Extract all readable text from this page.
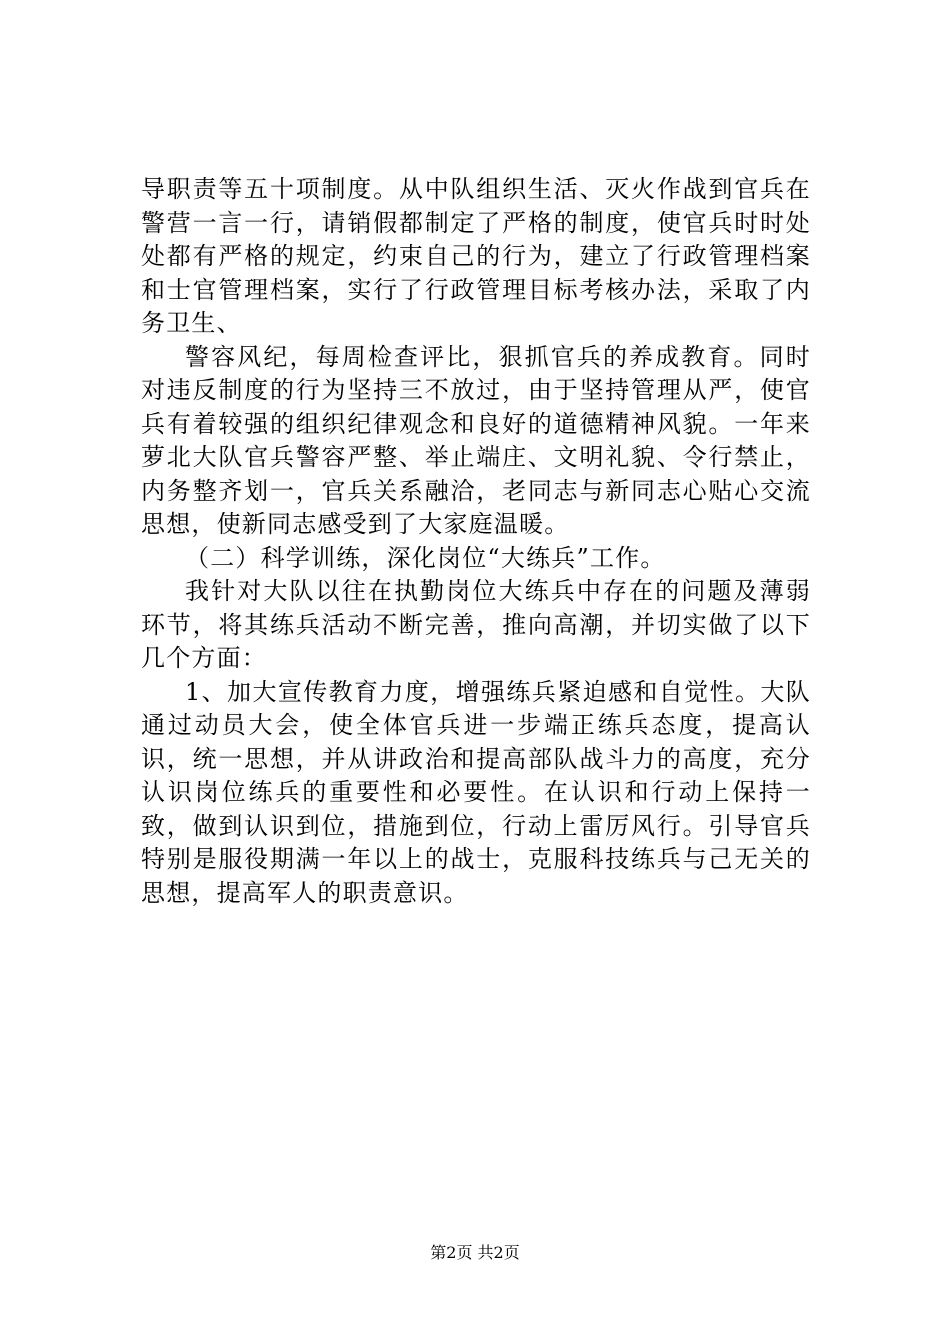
导职责等五十项制度。从中队组织生活、灭火作战到官兵在警营一言一行，请销假都制定了严格的制度，使官兵时时处处都有严格的规定，约束自己的行为，建立了行政管理档案和士官管理档案，实行了行政管理目标考核办法，采取了内务卫生、

警容风纪，每周检查评比，狠抓官兵的养成教育。同时对违反制度的行为坚持三不放过，由于坚持管理从严，使官兵有着较强的组织纪律观念和良好的道德精神风貌。一年来萝北大队官兵警容严整、举止端庄、文明礼貌、令行禁止，内务整齐划一，官兵关系融洽，老同志与新同志心贴心交流思想，使新同志感受到了大家庭温暖。

（二）科学训练，深化岗位“大练兵”工作。

我针对大队以往在执勤岗位大练兵中存在的问题及薄弱环节，将其练兵活动不断完善，推向高潮，并切实做了以下几个方面：

1、加大宣传教育力度，增强练兵紧迫感和自觉性。大队通过动员大会，使全体官兵进一步端正练兵态度，提高认识，统一思想，并从讲政治和提高部队战斗力的高度，充分认识岗位练兵的重要性和必要性。在认识和行动上保持一致，做到认识到位，措施到位，行动上雷厉风行。引导官兵特别是服役期满一年以上的战士，克服科技练兵与己无关的思想，提高军人的职责意识。

第2页 共2页
